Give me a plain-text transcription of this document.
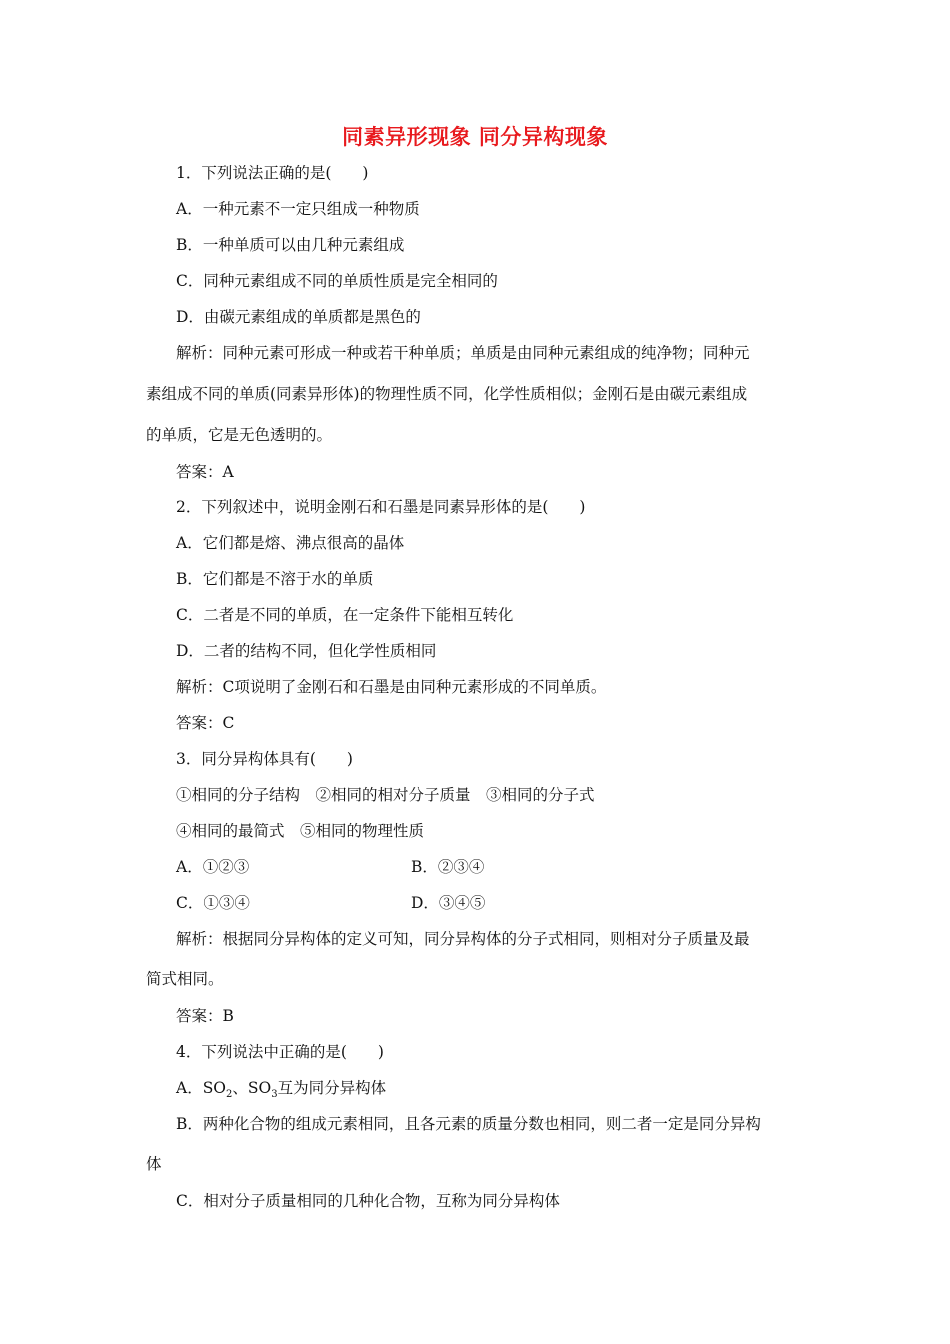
同素异形现象 同分异构现象
1．下列说法正确的是(　　)
A．一种元素不一定只组成一种物质
B．一种单质可以由几种元素组成
C．同种元素组成不同的单质性质是完全相同的
D．由碳元素组成的单质都是黑色的
解析：同种元素可形成一种或若干种单质；单质是由同种元素组成的纯净物；同种元
素组成不同的单质(同素异形体)的物理性质不同，化学性质相似；金刚石是由碳元素组成
的单质，它是无色透明的。
答案：A
2．下列叙述中，说明金刚石和石墨是同素异形体的是(　　)
A．它们都是熔、沸点很高的晶体
B．它们都是不溶于水的单质
C．二者是不同的单质，在一定条件下能相互转化
D．二者的结构不同，但化学性质相同
解析：C项说明了金刚石和石墨是由同种元素形成的不同单质。
答案：C
3．同分异构体具有(　　)
①相同的分子结构　②相同的相对分子质量　③相同的分子式
④相同的最简式　⑤相同的物理性质
A．①②③	B．②③④
C．①③④	D．③④⑤
解析：根据同分异构体的定义可知，同分异构体的分子式相同，则相对分子质量及最
简式相同。
答案：B
4．下列说法中正确的是(　　)
A．$SO_2$、$SO_3$互为同分异构体
B．两种化合物的组成元素相同，且各元素的质量分数也相同，则二者一定是同分异构
体
C．相对分子质量相同的几种化合物，互称为同分异构体
